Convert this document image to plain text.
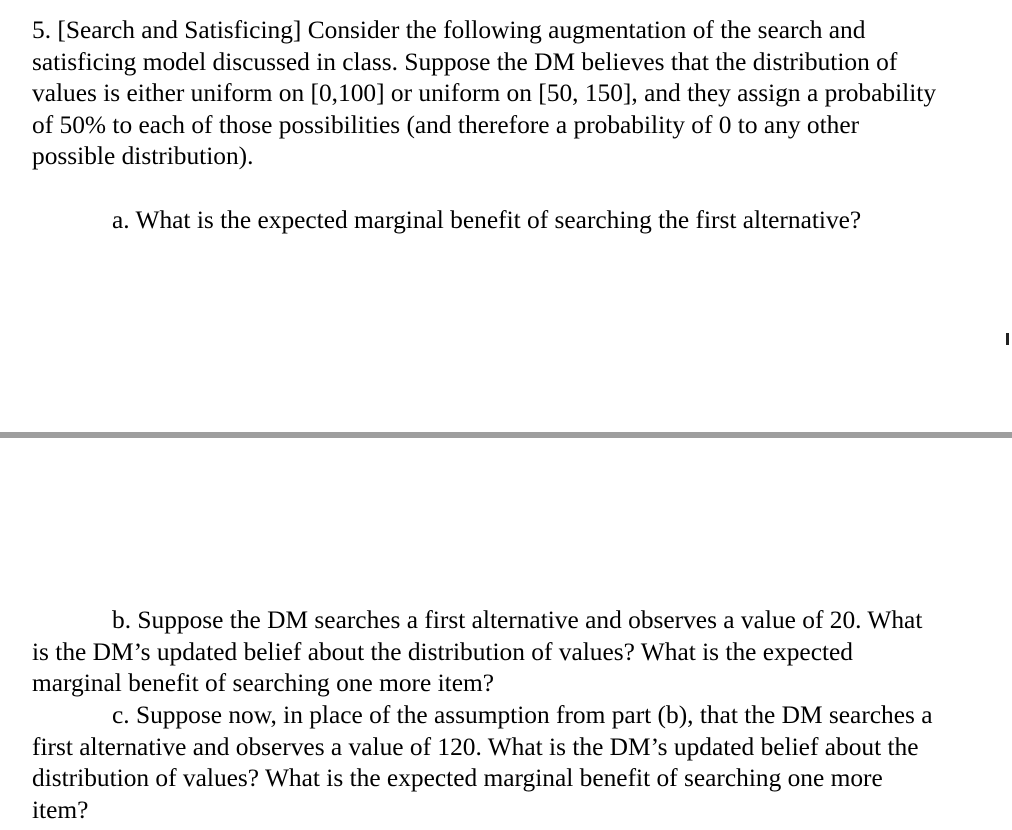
5. [Search and Satisficing] Consider the following augmentation of the search and
satisficing model discussed in class. Suppose the DM believes that the distribution of
values is either uniform on [0,100] or uniform on [50, 150], and they assign a probability
of 50% to each of those possibilities (and therefore a probability of 0 to any other
possible distribution).

a. What is the expected marginal benefit of searching the first alternative?

b. Suppose the DM searches a first alternative and observes a value of 20. What
is the DM’s updated belief about the distribution of values? What is the expected
marginal benefit of searching one more item?

c. Suppose now, in place of the assumption from part (b), that the DM searches a
first alternative and observes a value of 120. What is the DM’s updated belief about the
distribution of values? What is the expected marginal benefit of searching one more
item?
